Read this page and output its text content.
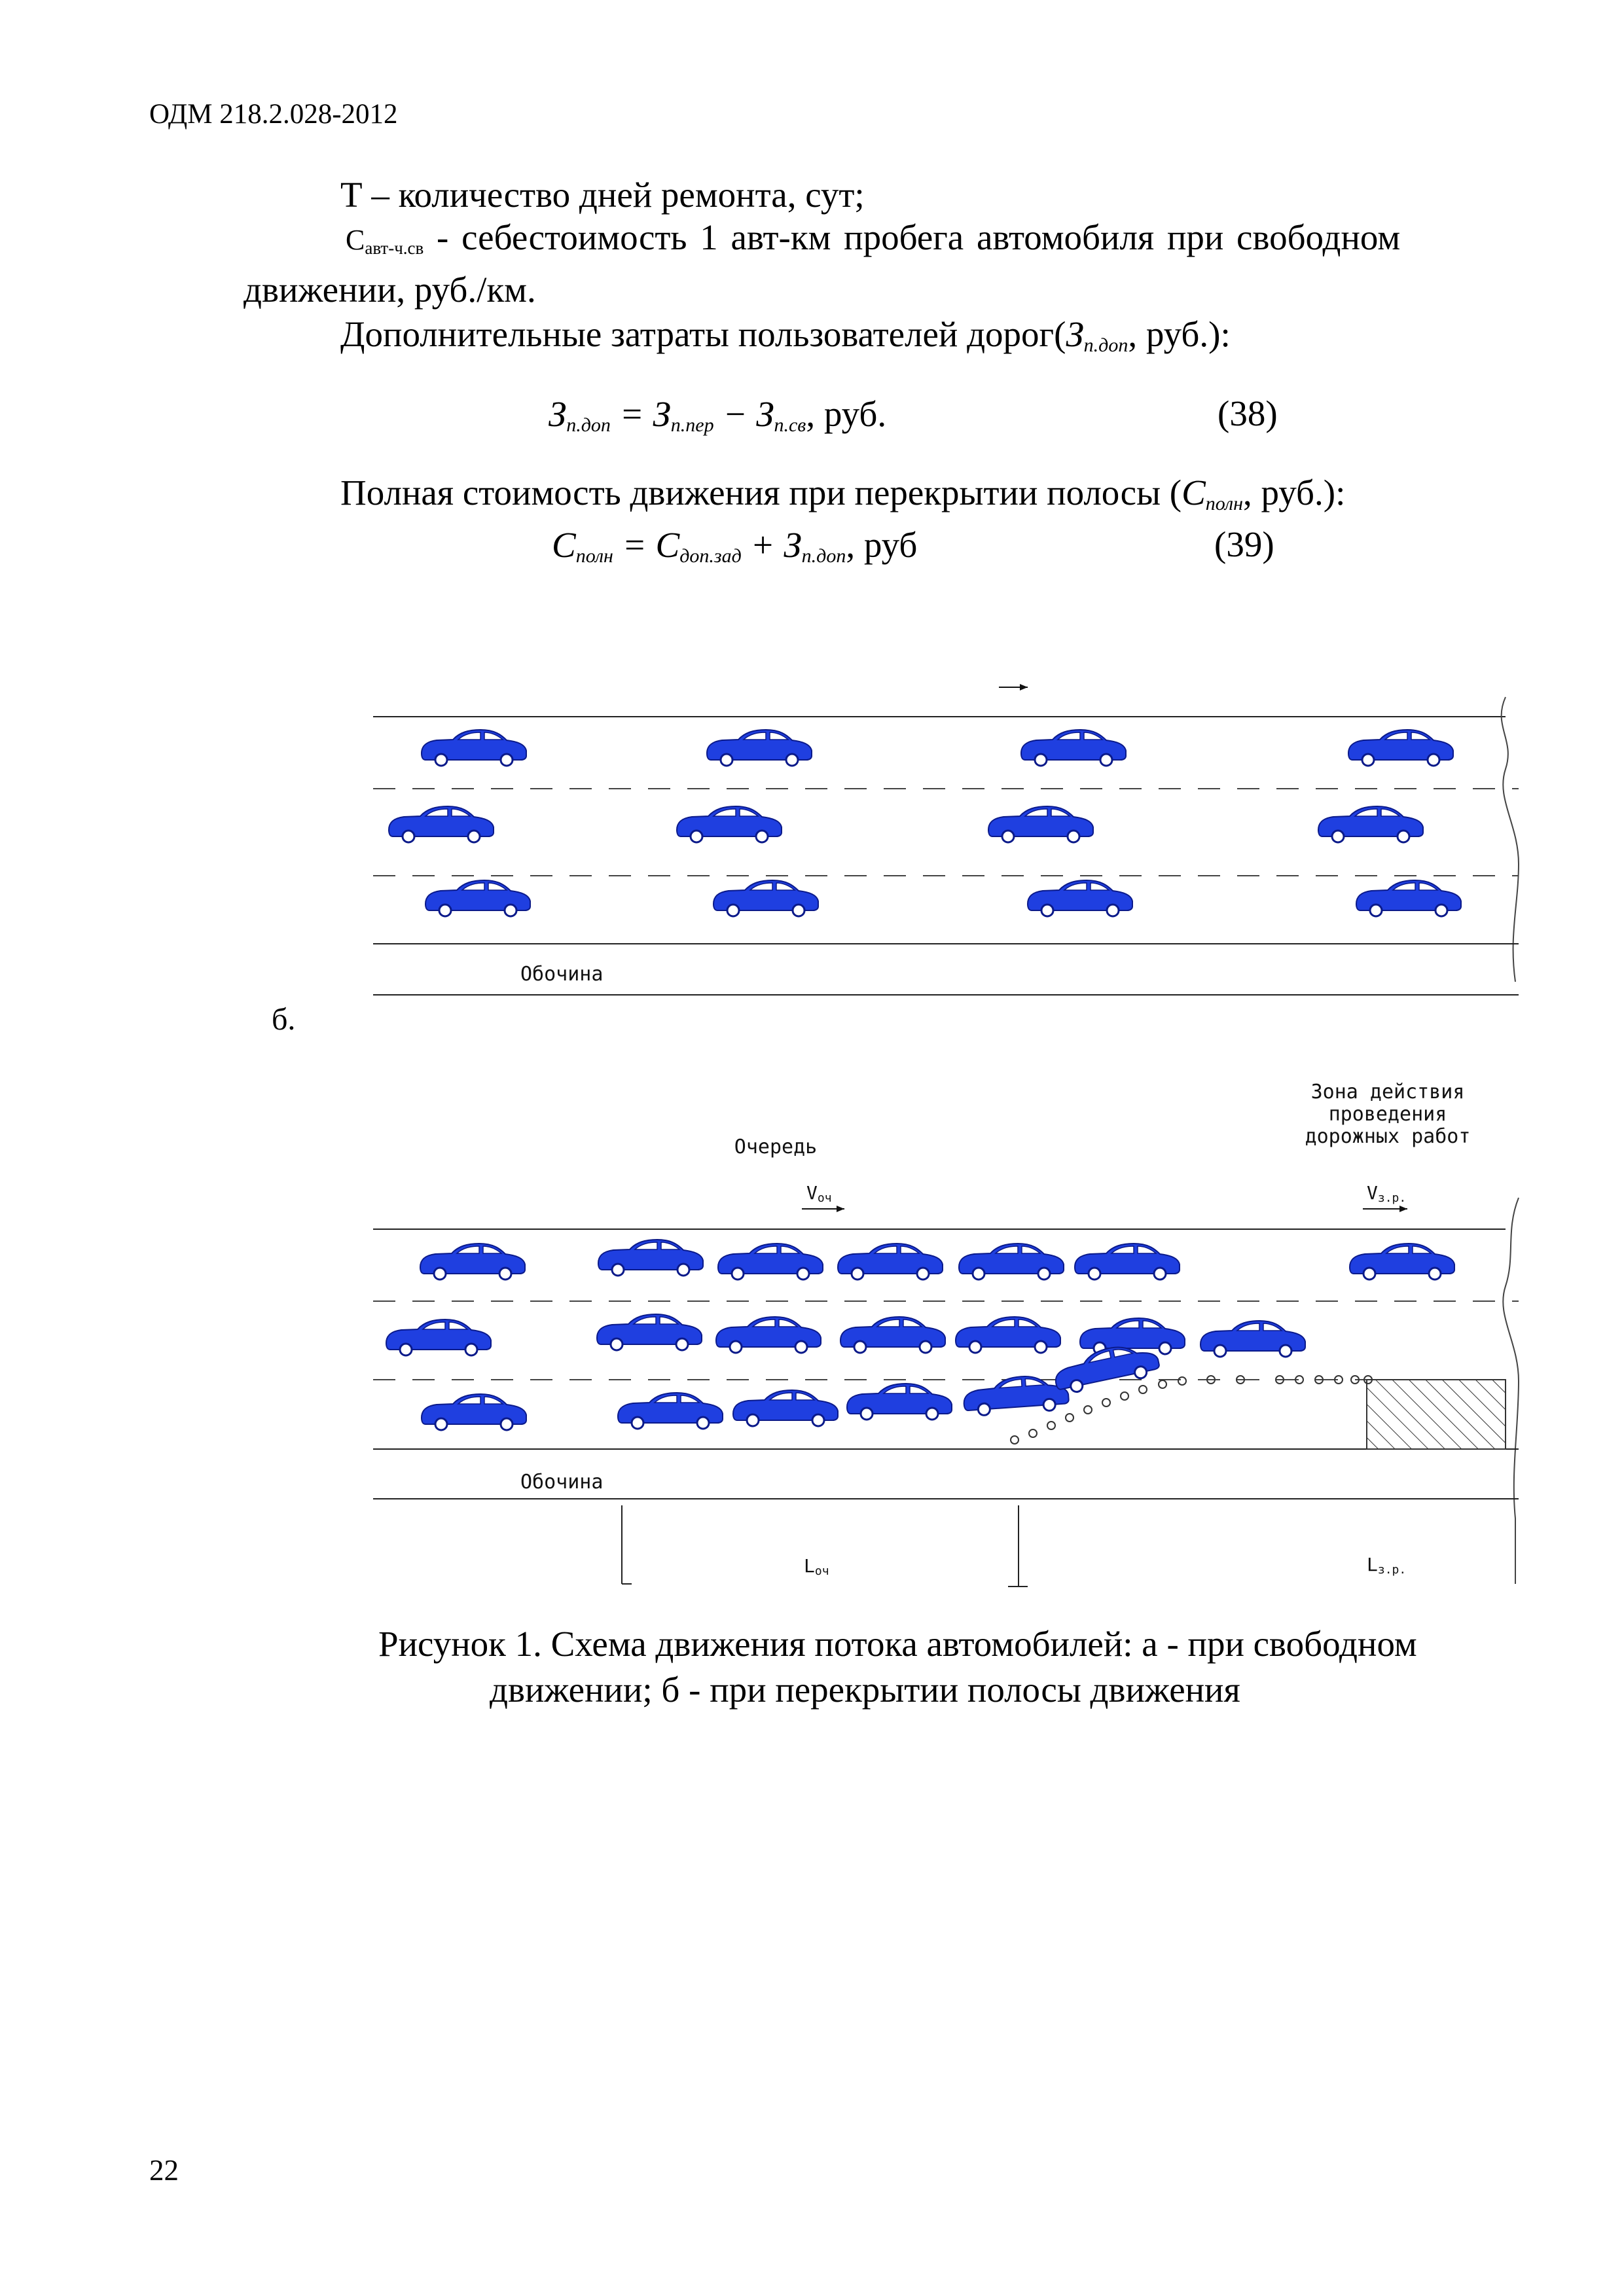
ОДМ 218.2.028-2012
Т – количество дней ремонта, сут;
Савт-ч.св - себестоимость 1 авт-км пробега автомобиля при свободном
движении, руб./км.
Дополнительные затраты пользователей $дорог(З_{п.доп}$, руб.):
$З_{п.доп} = З_{п.пер} - З_{п.св}$, руб.	(38)
Полная стоимость движения при перекрытии полосы ($С_{полн}$, руб.):
$С_{полн} = С_{доп.зад} + З_{п.доп}$, руб	(39)
Обочина
Зона действия
проведения
дорожных работ
Очередь
Vоч	Vз.р.
Обочина
Lоч	Lз.р.
б.
Рисунок 1. Схема движения потока автомобилей: а - при свободном
движении; б - при перекрытии полосы движения
22
